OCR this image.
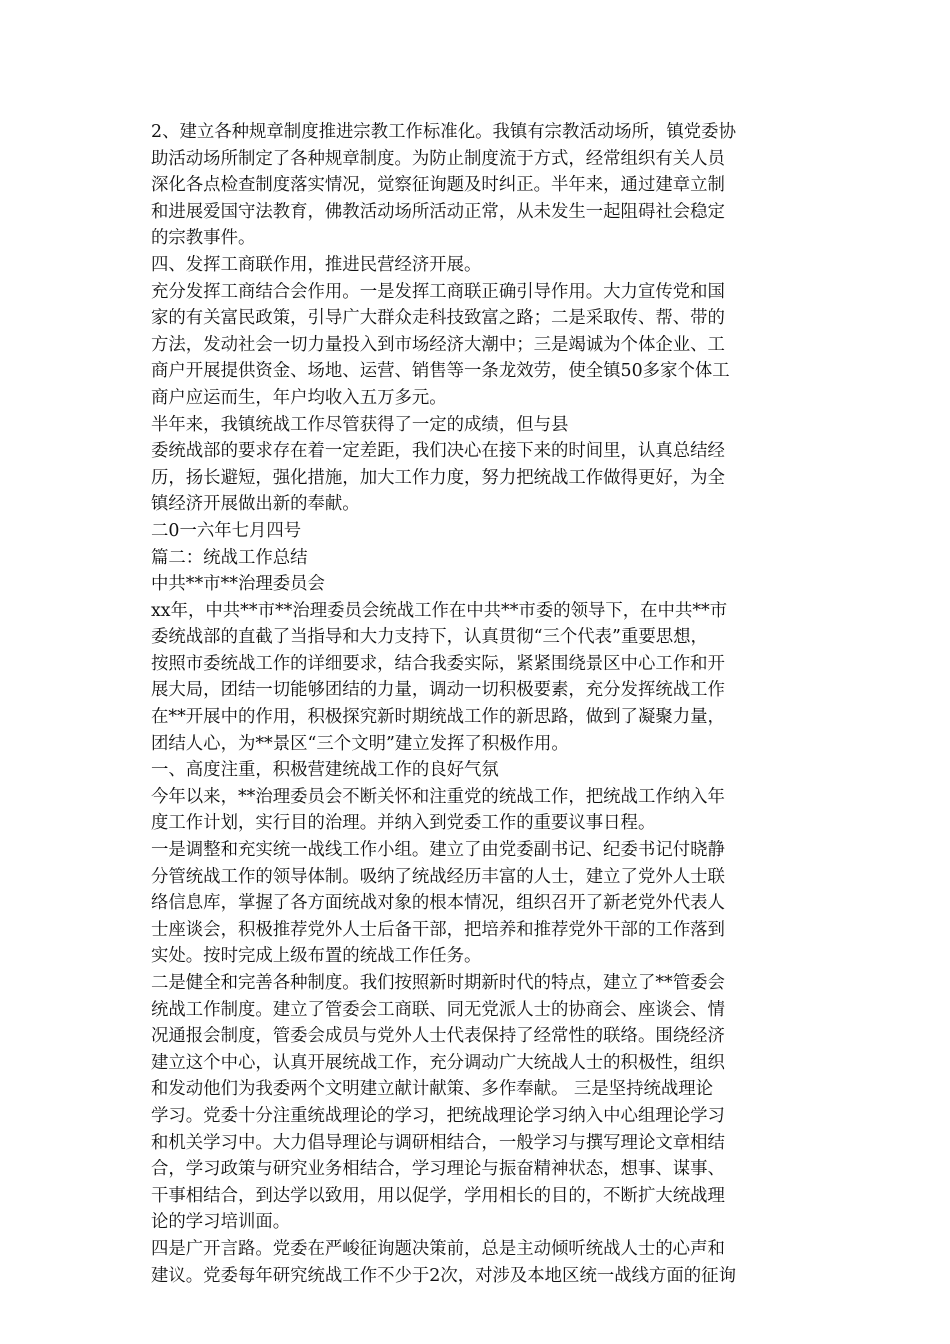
2、建立各种规章制度推进宗教工作标准化。我镇有宗教活动场所，镇党委协
助活动场所制定了各种规章制度。为防止制度流于方式，经常组织有关人员
深化各点检查制度落实情况，觉察征询题及时纠正。半年来，通过建章立制
和进展爱国守法教育，佛教活动场所活动正常，从未发生一起阻碍社会稳定
的宗教事件。

四、发挥工商联作用，推进民营经济开展。

充分发挥工商结合会作用。一是发挥工商联正确引导作用。大力宣传党和国
家的有关富民政策，引导广大群众走科技致富之路；二是采取传、帮、带的
方法，发动社会一切力量投入到市场经济大潮中；三是竭诚为个体企业、工
商户开展提供资金、场地、运营、销售等一条龙效劳，使全镇50多家个体工
商户应运而生，年户均收入五万多元。

半年来，我镇统战工作尽管获得了一定的成绩，但与县

委统战部的要求存在着一定差距，我们决心在接下来的时间里，认真总结经
历，扬长避短，强化措施，加大工作力度，努力把统战工作做得更好，为全
镇经济开展做出新的奉献。

二0一六年七月四号

篇二：统战工作总结

中共**市**治理委员会

xx年，中共**市**治理委员会统战工作在中共**市委的领导下，在中共**市
委统战部的直截了当指导和大力支持下，认真贯彻“三个代表”重要思想，
按照市委统战工作的详细要求，结合我委实际，紧紧围绕景区中心工作和开
展大局，团结一切能够团结的力量，调动一切积极要素，充分发挥统战工作
在**开展中的作用，积极探究新时期统战工作的新思路，做到了凝聚力量，
团结人心，为**景区“三个文明”建立发挥了积极作用。

一、高度注重，积极营建统战工作的良好气氛

今年以来，**治理委员会不断关怀和注重党的统战工作，把统战工作纳入年
度工作计划，实行目的治理。并纳入到党委工作的重要议事日程。

一是调整和充实统一战线工作小组。建立了由党委副书记、纪委书记付晓静
分管统战工作的领导体制。吸纳了统战经历丰富的人士，建立了党外人士联
络信息库，掌握了各方面统战对象的根本情况，组织召开了新老党外代表人
士座谈会，积极推荐党外人士后备干部，把培养和推荐党外干部的工作落到
实处。按时完成上级布置的统战工作任务。

二是健全和完善各种制度。我们按照新时期新时代的特点，建立了**管委会
统战工作制度。建立了管委会工商联、同无党派人士的协商会、座谈会、情
况通报会制度，管委会成员与党外人士代表保持了经常性的联络。围绕经济
建立这个中心，认真开展统战工作，充分调动广大统战人士的积极性，组织
和发动他们为我委两个文明建立献计献策、多作奉献。 三是坚持统战理论
学习。党委十分注重统战理论的学习，把统战理论学习纳入中心组理论学习
和机关学习中。大力倡导理论与调研相结合，一般学习与撰写理论文章相结
合，学习政策与研究业务相结合，学习理论与振奋精神状态，想事、谋事、
干事相结合，到达学以致用，用以促学，学用相长的目的，不断扩大统战理
论的学习培训面。

四是广开言路。党委在严峻征询题决策前，总是主动倾听统战人士的心声和
建议。党委每年研究统战工作不少于2次，对涉及本地区统一战线方面的征询
